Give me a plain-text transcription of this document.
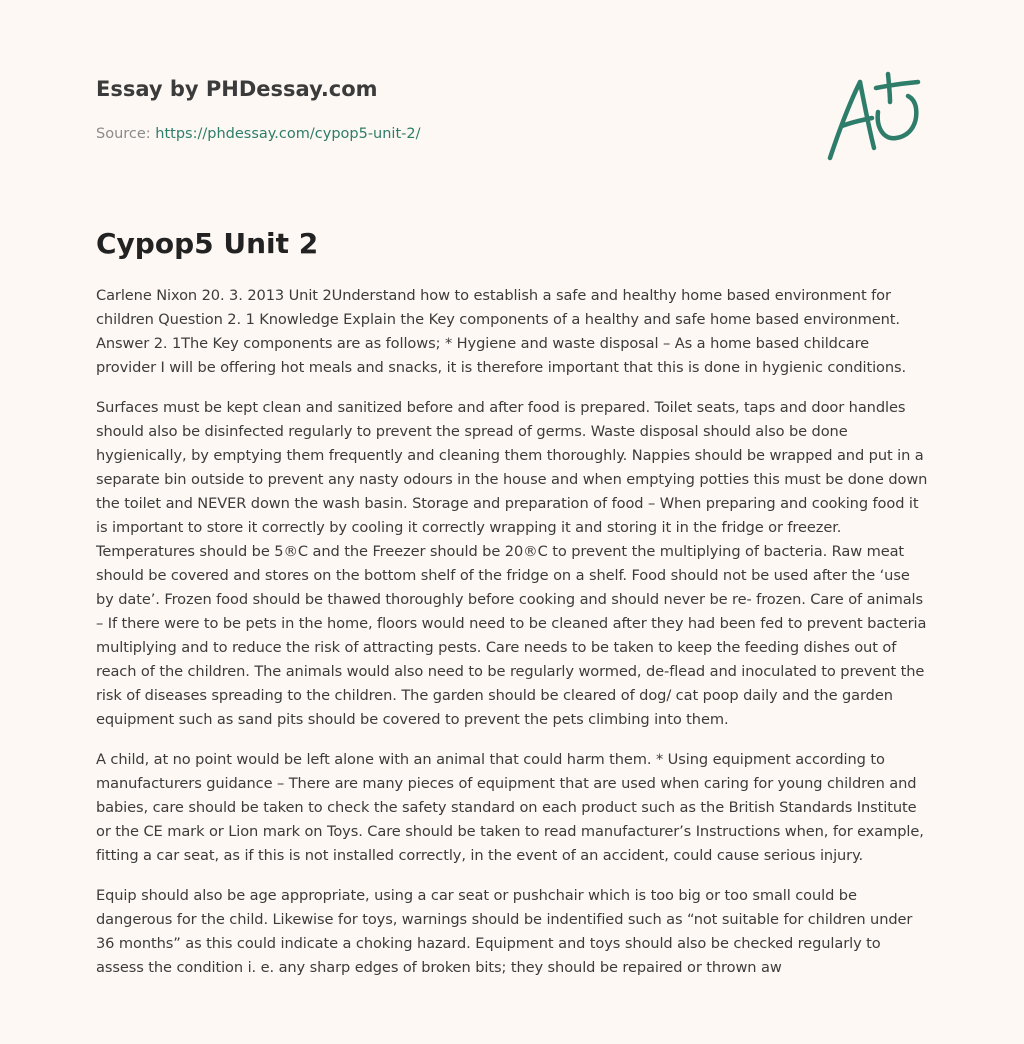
Essay by PHDessay.com
Source: https://phdessay.com/cypop5-unit-2/
Cypop5 Unit 2

Carlene Nixon 20. 3. 2013 Unit 2Understand how to establish a safe and healthy home based environment for children Question 2. 1 Knowledge Explain the Key components of a healthy and safe home based environment. Answer 2. 1The Key components are as follows; * Hygiene and waste disposal – As a home based childcare provider I will be offering hot meals and snacks, it is therefore important that this is done in hygienic conditions.

Surfaces must be kept clean and sanitized before and after food is prepared. Toilet seats, taps and door handles should also be disinfected regularly to prevent the spread of germs. Waste disposal should also be done hygienically, by emptying them frequently and cleaning them thoroughly. Nappies should be wrapped and put in a separate bin outside to prevent any nasty odours in the house and when emptying potties this must be done down the toilet and NEVER down the wash basin. Storage and preparation of food – When preparing and cooking food it is important to store it correctly by cooling it correctly wrapping it and storing it in the fridge or freezer. Temperatures should be 5®C and the Freezer should be 20®C to prevent the multiplying of bacteria. Raw meat should be covered and stores on the bottom shelf of the fridge on a shelf. Food should not be used after the ‘use by date’. Frozen food should be thawed thoroughly before cooking and should never be re- frozen. Care of animals – If there were to be pets in the home, floors would need to be cleaned after they had been fed to prevent bacteria multiplying and to reduce the risk of attracting pests. Care needs to be taken to keep the feeding dishes out of reach of the children. The animals would also need to be regularly wormed, de-flead and inoculated to prevent the risk of diseases spreading to the children. The garden should be cleared of dog/ cat poop daily and the garden equipment such as sand pits should be covered to prevent the pets climbing into them.

A child, at no point would be left alone with an animal that could harm them. * Using equipment according to manufacturers guidance – There are many pieces of equipment that are used when caring for young children and babies, care should be taken to check the safety standard on each product such as the British Standards Institute or the CE mark or Lion mark on Toys. Care should be taken to read manufacturer’s Instructions when, for example, fitting a car seat, as if this is not installed correctly, in the event of an accident, could cause serious injury.

Equip should also be age appropriate, using a car seat or pushchair which is too big or too small could be dangerous for the child. Likewise for toys, warnings should be indentified such as “not suitable for children under 36 months” as this could indicate a choking hazard. Equipment and toys should also be checked regularly to assess the condition i. e. any sharp edges of broken bits; they should be repaired or thrown aw
